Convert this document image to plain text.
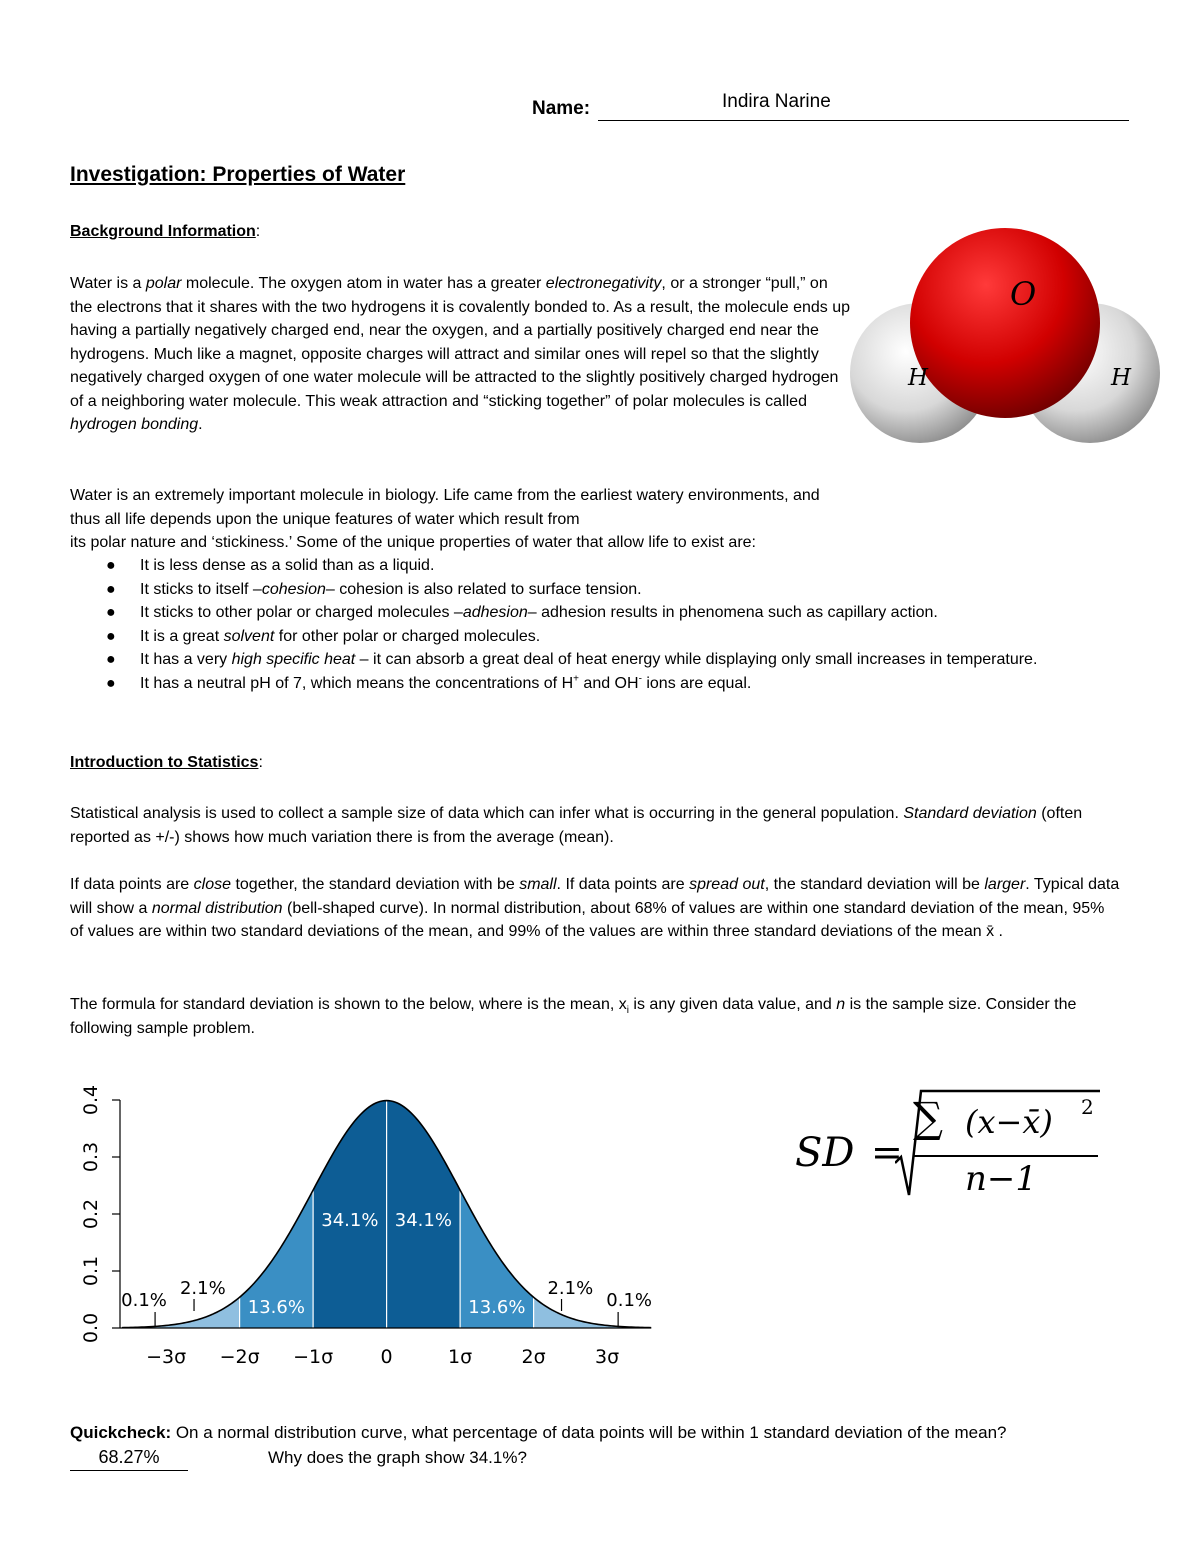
Name:	Indira Narine
Investigation: Properties of Water
Background Information:
Water is a polar molecule. The oxygen atom in water has a greater electronegativity, or a stronger “pull,” on the electrons that it shares with the two hydrogens it is covalently bonded to. As a result, the molecule ends up having a partially negatively charged end, near the oxygen, and a partially positively charged end near the hydrogens. Much like a magnet, opposite charges will attract and similar ones will repel so that the slightly negatively charged oxygen of one water molecule will be attracted to the slightly positively charged hydrogen of a neighboring water molecule. This weak attraction and “sticking together” of polar molecules is called hydrogen bonding.
Water is an extremely important molecule in biology. Life came from the earliest watery environments, and thus all life depends upon the unique features of water which result from
its polar nature and ‘stickiness.’ Some of the unique properties of water that allow life to exist are:
● It is less dense as a solid than as a liquid.
● It sticks to itself –cohesion– cohesion is also related to surface tension.
● It sticks to other polar or charged molecules –adhesion– adhesion results in phenomena such as capillary action.
● It is a great solvent for other polar or charged molecules.
● It has a very high specific heat – it can absorb a great deal of heat energy while displaying only small increases in temperature.
● It has a neutral pH of 7, which means the concentrations of H+ and OH- ions are equal.
O
H	H
Introduction to Statistics:
Statistical analysis is used to collect a sample size of data which can infer what is occurring in the general population. Standard deviation (often reported as +/-) shows how much variation there is from the average (mean).
If data points are close together, the standard deviation with be small. If data points are spread out, the standard deviation will be larger. Typical data will show a normal distribution (bell-shaped curve). In normal distribution, about 68% of values are within one standard deviation of the mean, 95% of values are within two standard deviations of the mean, and 99% of the values are within three standard deviations of the mean x̄ .
The formula for standard deviation is shown to the below, where is the mean, $x_i$ is any given data value, and n is the sample size. Consider the following sample problem.
0.0
0.1
0.2
0.3
0.4
−3σ −2σ −1σ 0	1σ	2σ	3σ
2.1%
13.6%
34.1% 34.1%
13.6%
2.1%
0.1%	0.1%
SD =
∑ (x−x̄) 2
n−1
Quickcheck: On a normal distribution curve, what percentage of data points will be within 1 standard deviation of the mean? 68.27%	Why does the graph show 34.1%?
